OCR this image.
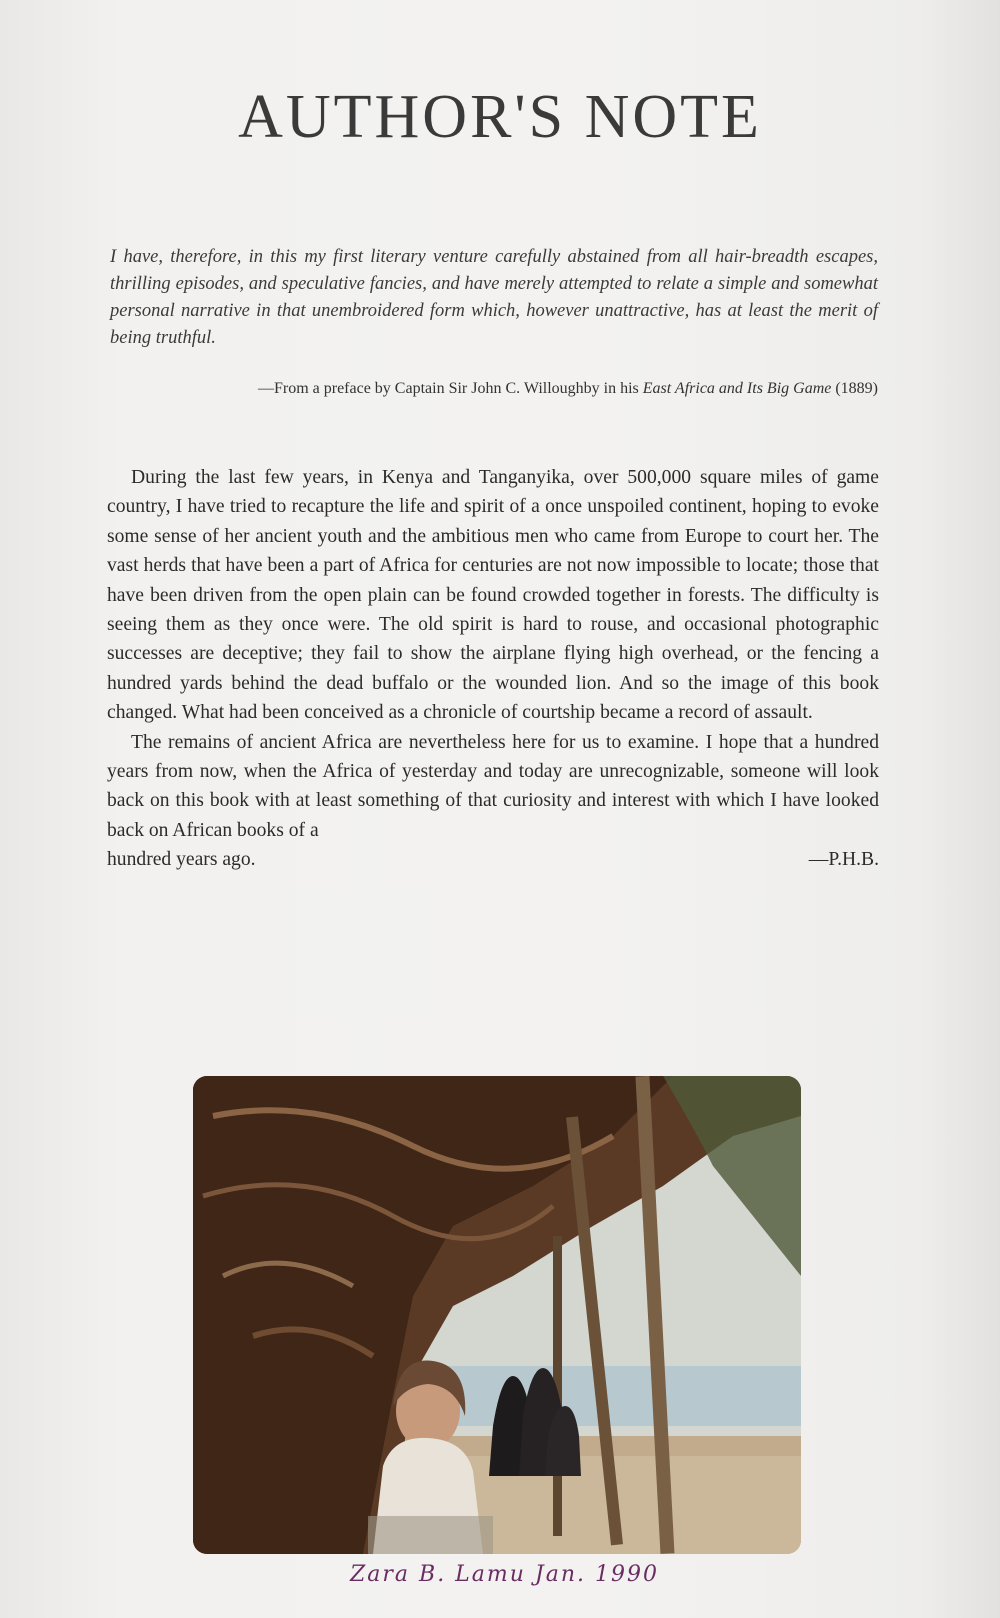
AUTHOR'S NOTE

I have, therefore, in this my first literary venture carefully abstained from all hair-breadth escapes, thrilling episodes, and speculative fancies, and have merely attempted to relate a simple and somewhat personal narrative in that unembroidered form which, however unattractive, has at least the merit of being truthful.

—From a preface by Captain Sir John C. Willoughby in his East Africa and Its Big Game (1889)

During the last few years, in Kenya and Tanganyika, over 500,000 square miles of game country, I have tried to recapture the life and spirit of a once unspoiled continent, hoping to evoke some sense of her ancient youth and the ambitious men who came from Europe to court her. The vast herds that have been a part of Africa for centuries are not now impossible to locate; those that have been driven from the open plain can be found crowded together in forests. The difficulty is seeing them as they once were. The old spirit is hard to rouse, and occasional photographic successes are deceptive; they fail to show the airplane flying high overhead, or the fencing a hundred yards behind the dead buffalo or the wounded lion. And so the image of this book changed. What had been conceived as a chronicle of courtship became a record of assault.

The remains of ancient Africa are nevertheless here for us to examine. I hope that a hundred years from now, when the Africa of yesterday and today are unrecognizable, someone will look back on this book with at least something of that curiosity and interest with which I have looked back on African books of a

hundred years ago.	—P.H.B.

Zara B. Lamu Jan. 1990
